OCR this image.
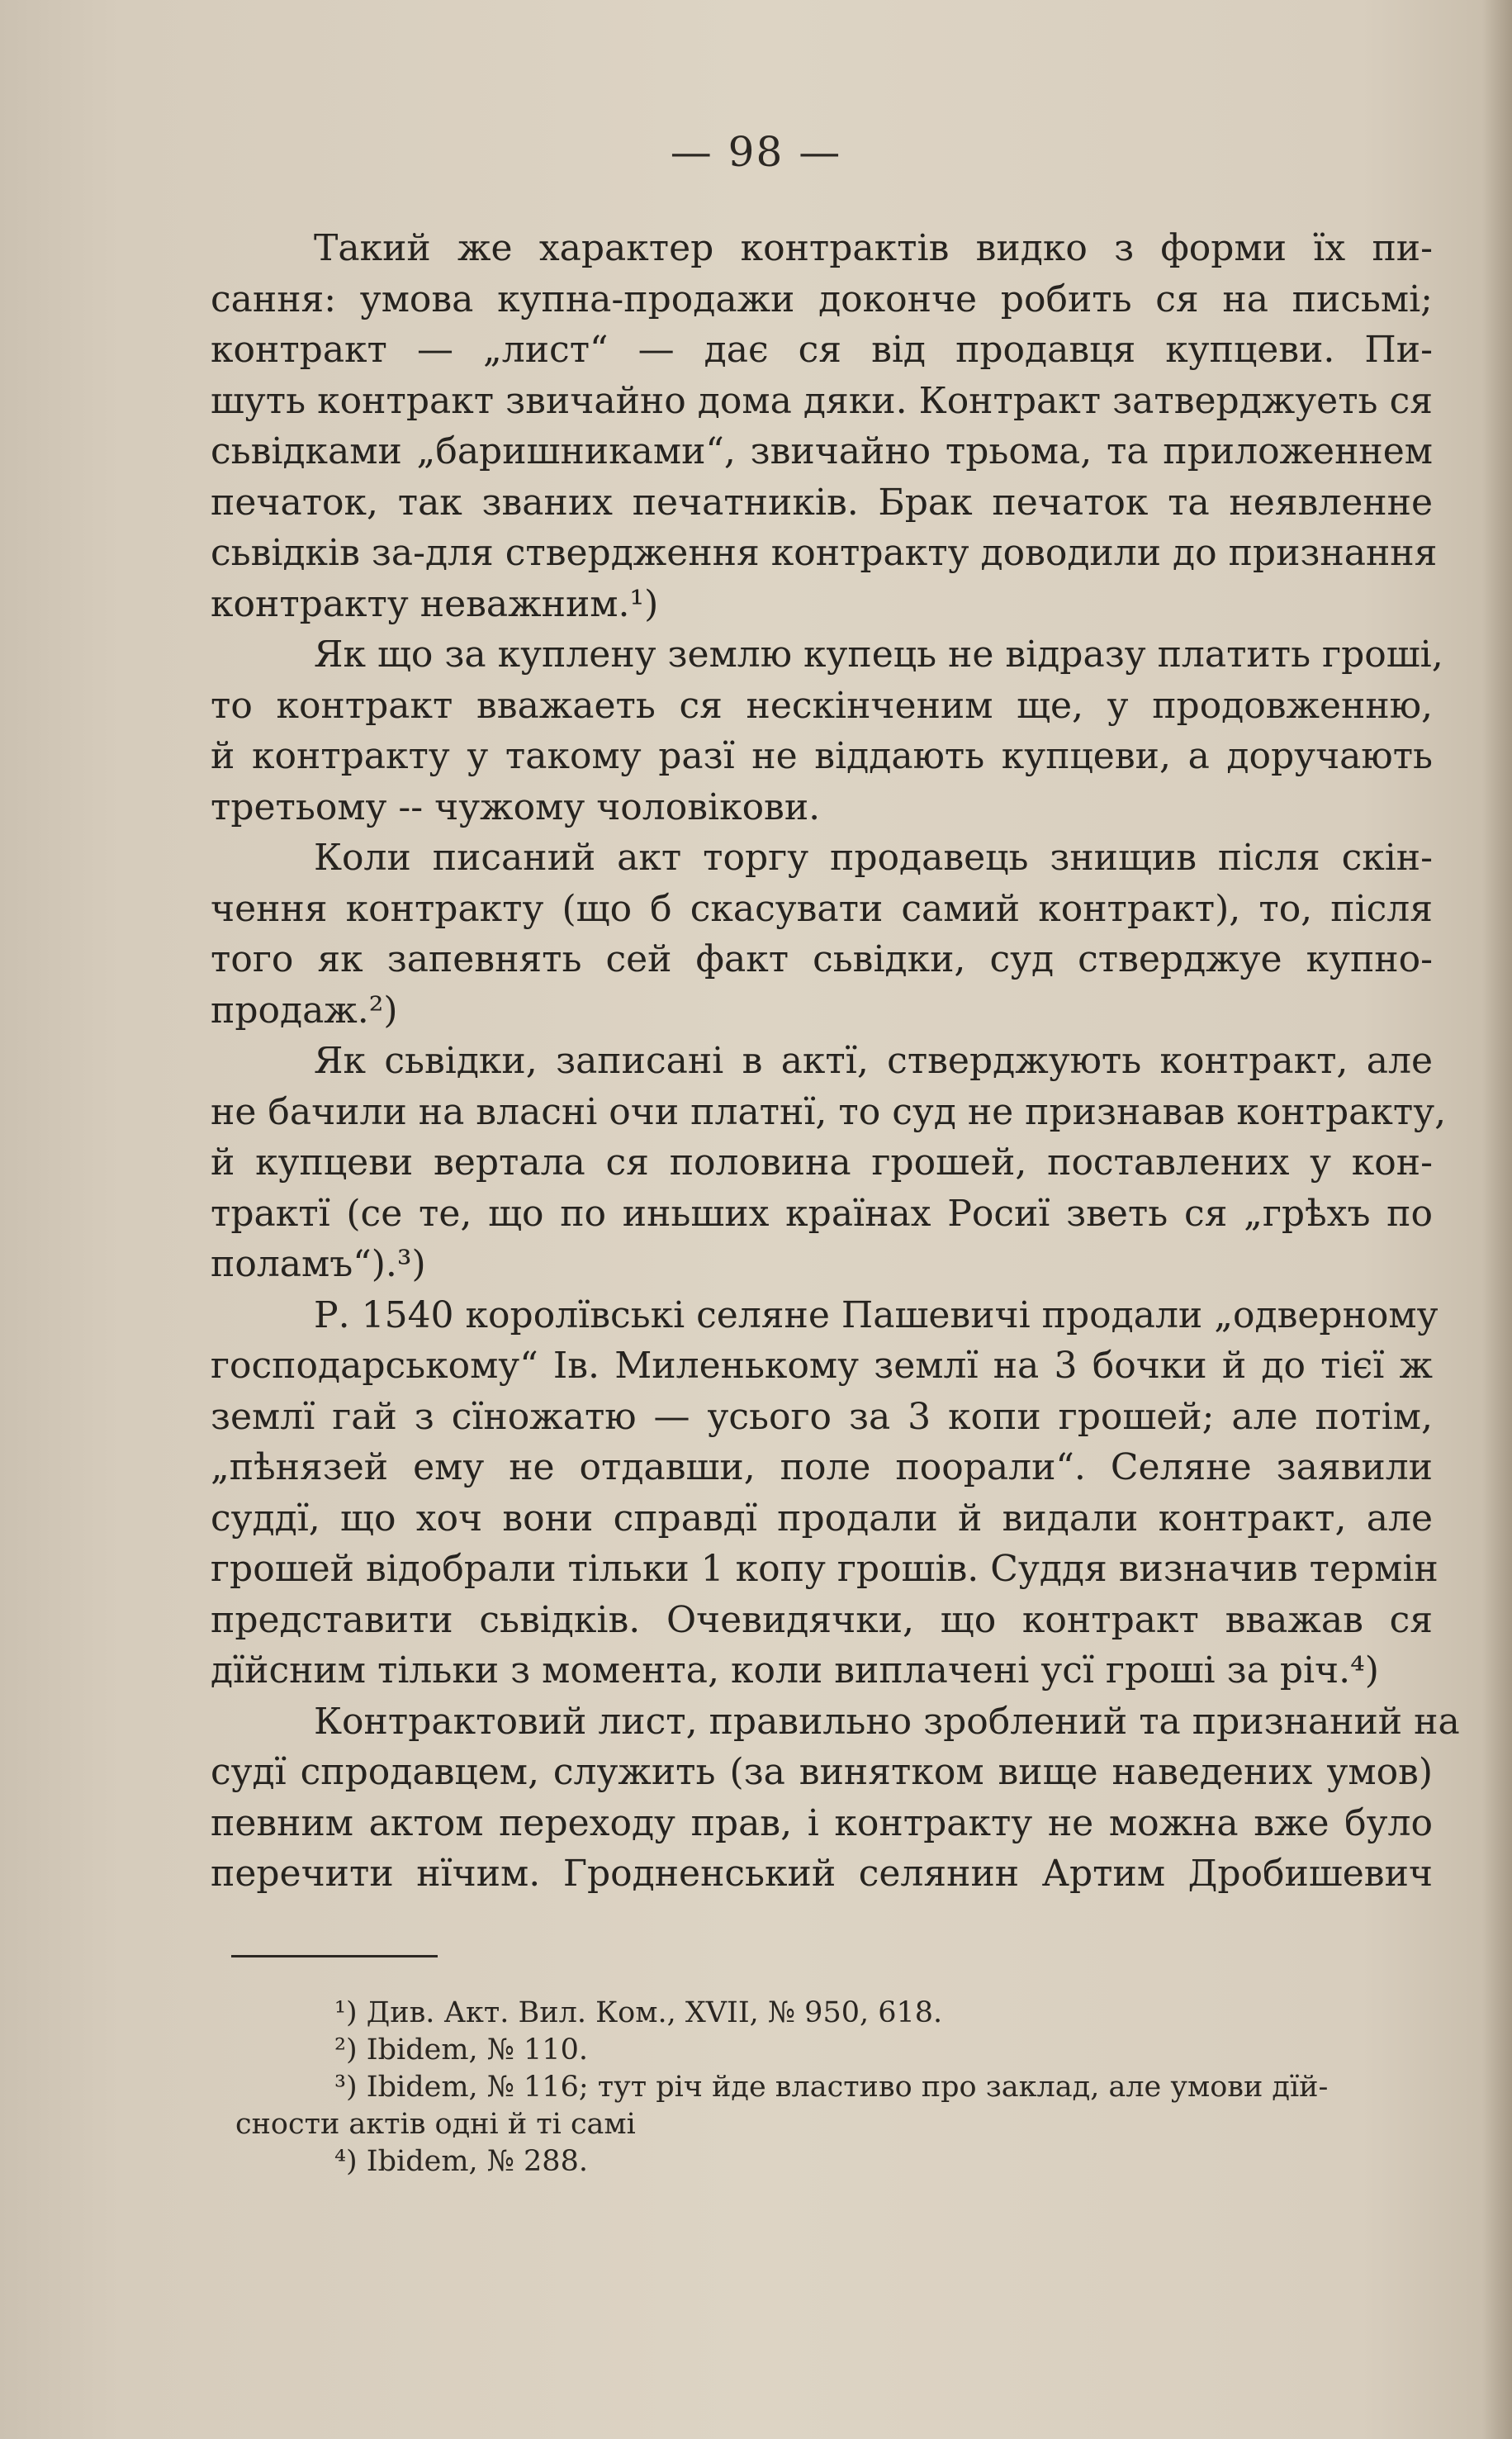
— 98 —
Такий же характер контрактів видко з форми їх пи-
сання: умова купна-продажи доконче робить ся на письмі;
контракт — „лист“ — дає ся від продавця купцеви. Пи-
шуть контракт звичайно дома дяки. Контракт затверджуеть ся
сьвідками „баришниками“, звичайно трьома, та приложеннем
печаток, так званих печатників. Брак печаток та неявленне
сьвідків за-для ствердження контракту доводили до признання
контракту неважним.¹)
Як що за куплену землю купець не відразу платить гроші,
то контракт вважаеть ся нескінченим ще, у продовженню,
й контракту у такому разї не віддають купцеви, а доручають
третьому -- чужому чоловікови.
Коли писаний акт торгу продавець знищив після скін-
чення контракту (що б скасувати самий контракт), то, після
того як запевнять сей факт сьвідки, суд стверджуе купно-
продаж.²)
Як сьвідки, записані в актї, стверджують контракт, але
не бачили на власні очи платнї, то суд не признавав контракту,
й купцеви вертала ся половина грошей, поставлених у кон-
трактї (се те, що по иньших країнах Росиї зветь ся „грѣхъ по
поламъ“).³)
Р. 1540 королївські селяне Пашевичі продали „одверному
господарському“ Ів. Миленькому землї на 3 бочки й до тієї ж
землї гай з сїножатю — усього за 3 копи грошей; але потім,
„пѣнязей ему не отдавши, поле поорали“. Селяне заявили
суддї, що хоч вони справдї продали й видали контракт, але
грошей відобрали тільки 1 копу грошів. Суддя визначив термін
представити сьвідків. Очевидячки, що контракт вважав ся
дїйсним тільки з момента, коли виплачені усї гроші за річ.⁴)
Контрактовий лист, правильно зроблений та признаний на
судї спродавцем, служить (за винятком вище наведених умов)
певним актом переходу прав, і контракту не можна вже було
перечити нїчим. Гродненський селянин Артим Дробишевич
¹) Див. Акт. Вил. Ком., XVII, № 950, 618.
²) Ibidem, № 110.
³) Ibidem, № 116; тут річ йде властиво про заклад, але умови дїй-
сности актів одні й ті самі
⁴) Ibidem, № 288.
